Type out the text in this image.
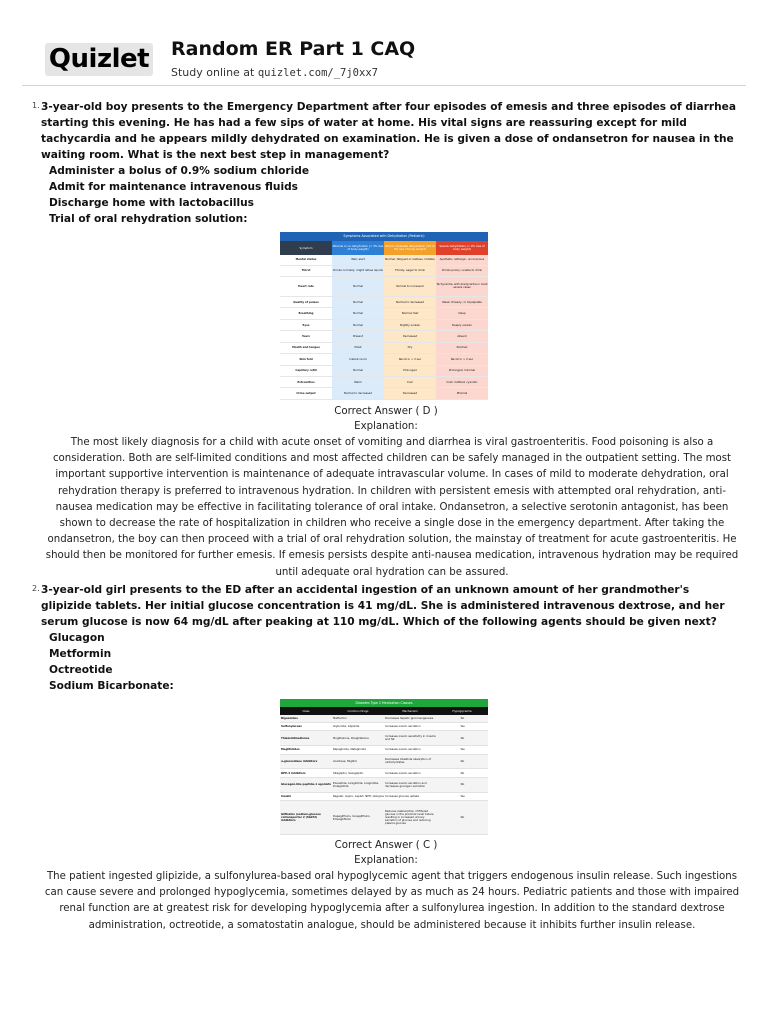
Quizlet Random ER Part 1 CAQ
Study online at quizlet.com/_7j0xx7
1. 3-year-old boy presents to the Emergency Department after four episodes of emesis and three episodes of diarrhea starting this evening. He has had a few sips of water at home. His vital signs are reassuring except for mild tachycardia and he appears mildly dehydrated on examination. He is given a dose of ondansetron for nausea in the waiting room. What is the next best step in management?
Administer a bolus of 0.9% sodium chloride
Admit for maintenance intravenous fluids
Discharge home with lactobacillus
Trial of oral rehydration solution:
Symptoms Associated with Dehydration (Pediatric)			
Symptom	Minimal or no dehydration (< 3% loss of body weight)	Mild to moderate dehydration (3% to 9% loss of body weight)	Severe dehydration (> 9% loss of body weight)
Mental status	Well; alert	Normal, fatigued or restless, irritable	Apathetic, lethargic, unconscious
Thirst	Drinks normally; might refuse liquids	Thirsty; eager to drink	Drinks poorly; unable to drink
Heart rate	Normal	Normal to increased	Tachycardia, with bradycardia in most severe cases
Quality of pulses	Normal	Normal to decreased	Weak, thready, or impalpable
Breathing	Normal	Normal; fast	Deep
Eyes	Normal	Slightly sunken	Deeply sunken
Tears	Present	Decreased	Absent
Mouth and tongue	Moist	Dry	Parched
Skin fold	Instant recoil	Recoil in < 2 sec	Recoil in > 2 sec
Capillary refill	Normal	Prolonged	Prolonged; minimal
Extremities	Warm	Cool	Cold; mottled; cyanotic
Urine output	Normal to decreased	Decreased	Minimal
Correct Answer ( D )
Explanation:
The most likely diagnosis for a child with acute onset of vomiting and diarrhea is viral gastroenteritis. Food poisoning is also a consideration. Both are self-limited conditions and most affected children can be safely managed in the outpatient setting. The most important supportive intervention is maintenance of adequate intravascular volume. In cases of mild to moderate dehydration, oral rehydration therapy is preferred to intravenous hydration. In children with persistent emesis with attempted oral rehydration, anti-nausea medication may be effective in facilitating tolerance of oral intake. Ondansetron, a selective serotonin antagonist, has been shown to decrease the rate of hospitalization in children who receive a single dose in the emergency department. After taking the ondansetron, the boy can then proceed with a trial of oral rehydration solution, the mainstay of treatment for acute gastroenteritis. He should then be monitored for further emesis. If emesis persists despite anti-nausea medication, intravenous hydration may be required until adequate oral hydration can be assured.
2. 3-year-old girl presents to the ED after an accidental ingestion of an unknown amount of her grandmother's glipizide tablets. Her initial glucose concentration is 41 mg/dL. She is administered intravenous dextrose, and her serum glucose is now 64 mg/dL after peaking at 110 mg/dL. Which of the following agents should be given next?
Glucagon
Metformin
Octreotide
Sodium Bicarbonate:
Diabetes Type 2 Medication Classes			
Class	Common Drugs	Mechanism	Hypoglycemia
Biguanides	Metformin	Decreases hepatic gluconeogenesis	No
Sulfonylureas	Glyburide, Glipizide	Increases insulin secretion	Yes
Thiazolidinediones	Pioglitazone, Rosiglitazone	Increases insulin sensitivity in muscle and fat	No
Meglitinides	Repaglinide, Nateglinide	Increases insulin secretion	Yes
α-glucosidase inhibitors	Acarbose, Miglitol	Decreases intestinal absorption of carbohydrates	No
DPP-4 inhibitors	Sitagliptin, Saxagliptin	Increases insulin secretion	No
Glucagon-like peptide-1 agonists	Exenatide, Liraglutide, Lixiglutide, Dulaglutide	Increases insulin secretion and decreases glucagon secretion	No
Insulin	Regular, Lispro, Aspart, NPH, Glargine	Increases glucose uptake	Yes
Gliflozins (sodium-glucose cotransporter 2 (SGLT2) inhibitors	Dapagliflozin, Canagliflozin, Empagliflozin	Reduces reabsorption of filtered glucose in the proximal renal tubule resulting in increased urinary excretion of glucose and reducing plasma glucose	No
Correct Answer ( C )
Explanation:
The patient ingested glipizide, a sulfonylurea-based oral hypoglycemic agent that triggers endogenous insulin release. Such ingestions can cause severe and prolonged hypoglycemia, sometimes delayed by as much as 24 hours. Pediatric patients and those with impaired renal function are at greatest risk for developing hypoglycemia after a sulfonylurea ingestion. In addition to the standard dextrose administration, octreotide, a somatostatin analogue, should be administered because it inhibits further insulin release.
